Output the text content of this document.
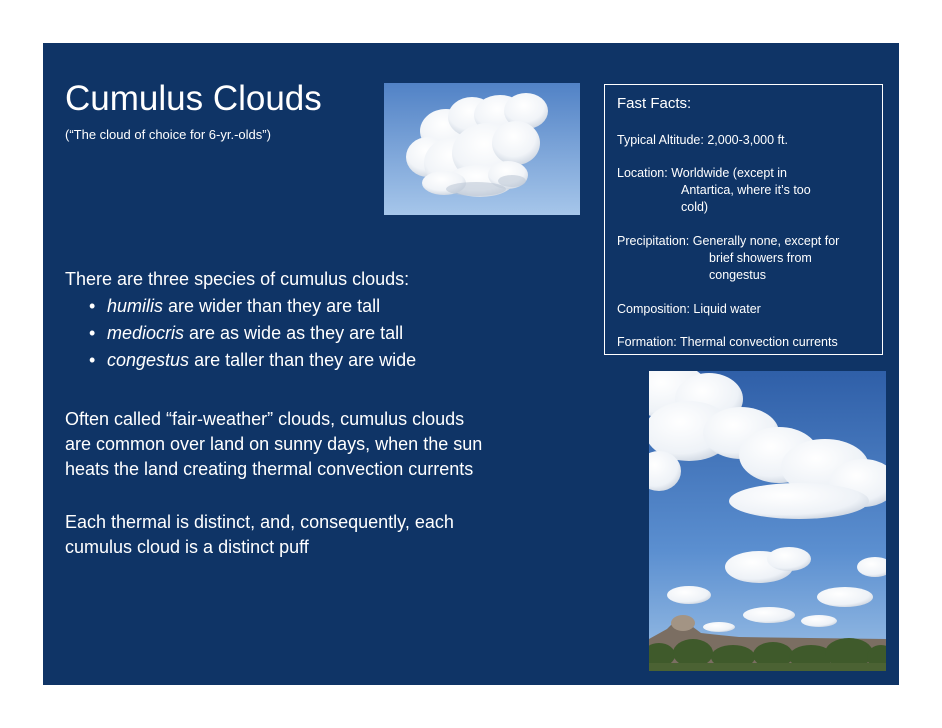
Cumulus Clouds
(“The cloud of choice for 6-yr.-olds”)
Fast Facts:
Typical Altitude: 2,000-3,000 ft.
Location: Worldwide (except in
Antartica, where it’s too
cold)
Precipitation: Generally none, except for
brief showers from
congestus
Composition: Liquid water
Formation: Thermal convection currents
There are three species of cumulus clouds:
• humilis are wider than they are tall
• mediocris are as wide as they are tall
• congestus are taller than they are wide
Often called “fair-weather” clouds, cumulus clouds
are common over land on sunny days, when the sun
heats the land creating thermal convection currents
Each thermal is distinct, and, consequently, each
cumulus cloud is a distinct puff
